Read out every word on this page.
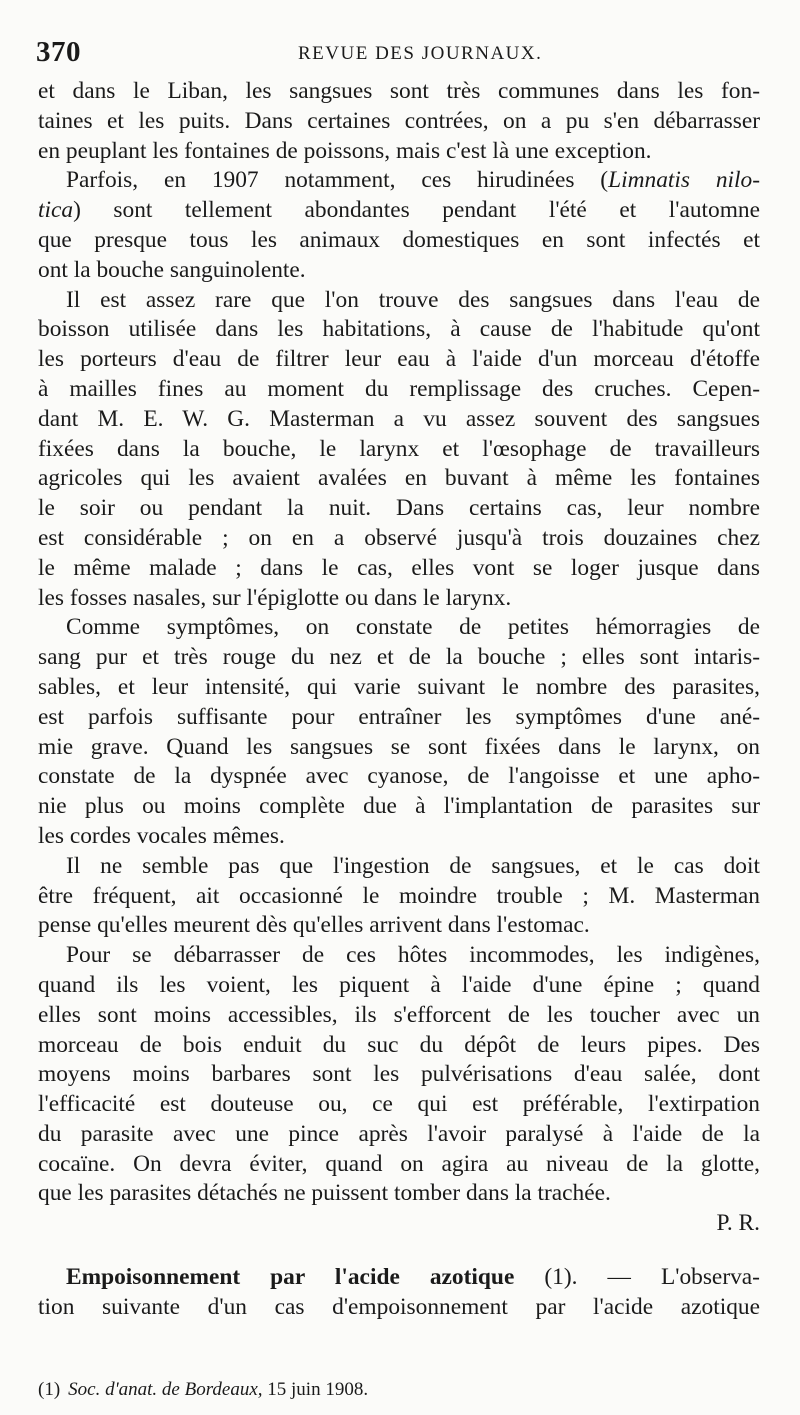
370	REVUE DES JOURNAUX.
et dans le Liban, les sangsues sont très communes dans les fon-
taines et les puits. Dans certaines contrées, on a pu s'en débarrasser
en peuplant les fontaines de poissons, mais c'est là une exception.
Parfois, en 1907 notamment, ces hirudinées (Limnatis nilo-
tica) sont tellement abondantes pendant l'été et l'automne
que presque tous les animaux domestiques en sont infectés et
ont la bouche sanguinolente.
Il est assez rare que l'on trouve des sangsues dans l'eau de
boisson utilisée dans les habitations, à cause de l'habitude qu'ont
les porteurs d'eau de filtrer leur eau à l'aide d'un morceau d'étoffe
à mailles fines au moment du remplissage des cruches. Cepen-
dant M. E. W. G. Masterman a vu assez souvent des sangsues
fixées dans la bouche, le larynx et l'œsophage de travailleurs
agricoles qui les avaient avalées en buvant à même les fontaines
le soir ou pendant la nuit. Dans certains cas, leur nombre
est considérable ; on en a observé jusqu'à trois douzaines chez
le même malade ; dans le cas, elles vont se loger jusque dans
les fosses nasales, sur l'épiglotte ou dans le larynx.
Comme symptômes, on constate de petites hémorragies de
sang pur et très rouge du nez et de la bouche ; elles sont intaris-
sables, et leur intensité, qui varie suivant le nombre des parasites,
est parfois suffisante pour entraîner les symptômes d'une ané-
mie grave. Quand les sangsues se sont fixées dans le larynx, on
constate de la dyspnée avec cyanose, de l'angoisse et une apho-
nie plus ou moins complète due à l'implantation de parasites sur
les cordes vocales mêmes.
Il ne semble pas que l'ingestion de sangsues, et le cas doit
être fréquent, ait occasionné le moindre trouble ; M. Masterman
pense qu'elles meurent dès qu'elles arrivent dans l'estomac.
Pour se débarrasser de ces hôtes incommodes, les indigènes,
quand ils les voient, les piquent à l'aide d'une épine ; quand
elles sont moins accessibles, ils s'efforcent de les toucher avec un
morceau de bois enduit du suc du dépôt de leurs pipes. Des
moyens moins barbares sont les pulvérisations d'eau salée, dont
l'efficacité est douteuse ou, ce qui est préférable, l'extirpation
du parasite avec une pince après l'avoir paralysé à l'aide de la
cocaïne. On devra éviter, quand on agira au niveau de la glotte,
que les parasites détachés ne puissent tomber dans la trachée.
P. R.
Empoisonnement par l'acide azotique (1). — L'observa-
tion suivante d'un cas d'empoisonnement par l'acide azotique
(1) Soc. d'anat. de Bordeaux, 15 juin 1908.
